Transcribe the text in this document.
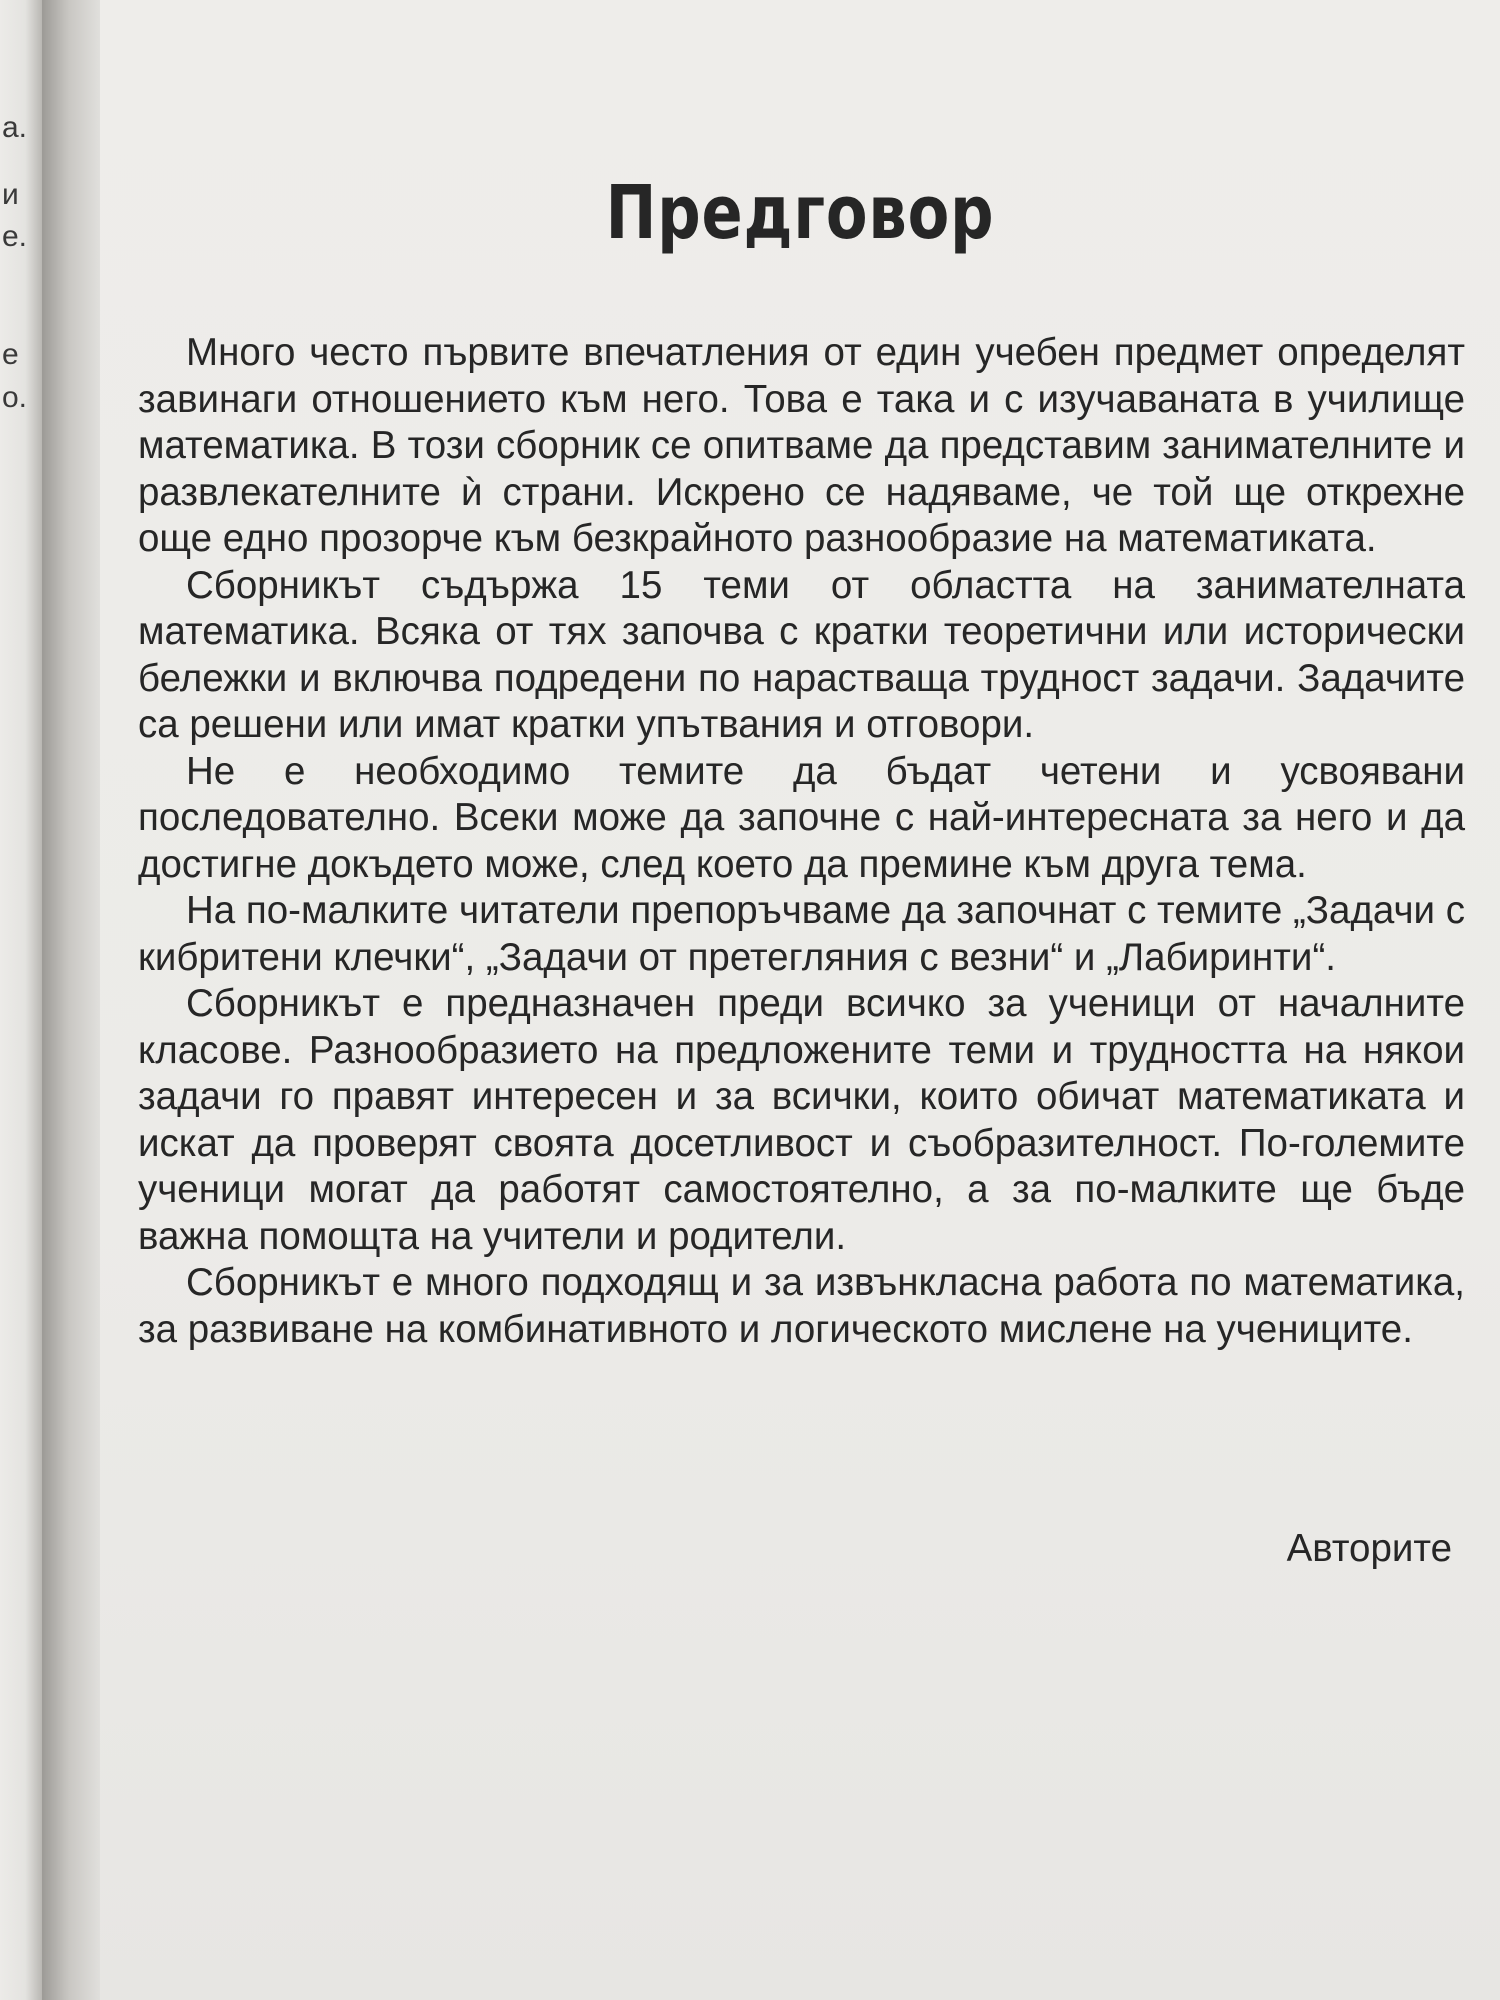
а.
и
е.
е
о.
Предговор

Много често първите впечатления от един учебен предмет определят завинаги отношението към него. Това е така и с изучаваната в училище математика. В този сборник се опитваме да представим занимателните и развлекателните ѝ страни. Искрено се надяваме, че той ще открехне още едно прозорче към безкрайното разнообразие на математиката.

Сборникът съдържа 15 теми от областта на занимателната математика. Всяка от тях започва с кратки теоретични или исторически бележки и включва подредени по нарастваща трудност задачи. Задачите са решени или имат кратки упътвания и отговори.

Не е необходимо темите да бъдат четени и усвоявани последователно. Всеки може да започне с най-интересната за него и да достигне докъдето може, след което да премине към друга тема.

На по-малките читатели препоръчваме да започнат с темите „Задачи с кибритени клечки“, „Задачи от претегляния с везни“ и „Лабиринти“.

Сборникът е предназначен преди всичко за ученици от началните класове. Разнообразието на предложените теми и трудността на някои задачи го правят интересен и за всички, които обичат математиката и искат да проверят своята досетливост и съобразителност. По-големите ученици могат да работят самостоятелно, а за по-малките ще бъде важна помощта на учители и родители.

Сборникът е много подходящ и за извънкласна работа по математика, за развиване на комбинативното и логическото мислене на учениците.

Авторите
